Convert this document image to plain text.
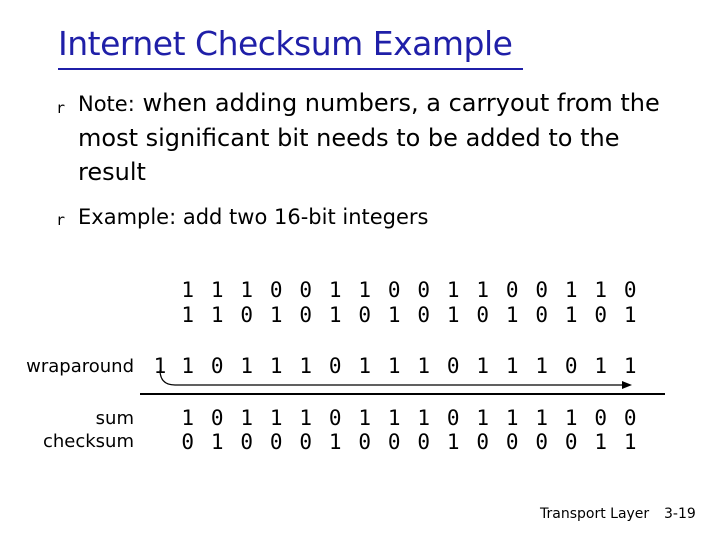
Internet Checksum Example
r Note: when adding numbers, a carryout from the most significant bit needs to be added to the result
r Example: add two 16-bit integers
1 1 1 0 0 1 1 0 0 1 1 0 0 1 1 0
1 1 0 1 0 1 0 1 0 1 0 1 0 1 0 1
wraparound 1 1 0 1 1 1 0 1 1 1 0 1 1 1 0 1 1
sum
checksum
1 0 1 1 1 0 1 1 1 0 1 1 1 1 0 0
0 1 0 0 0 1 0 0 0 1 0 0 0 0 1 1
Transport Layer 3-19
